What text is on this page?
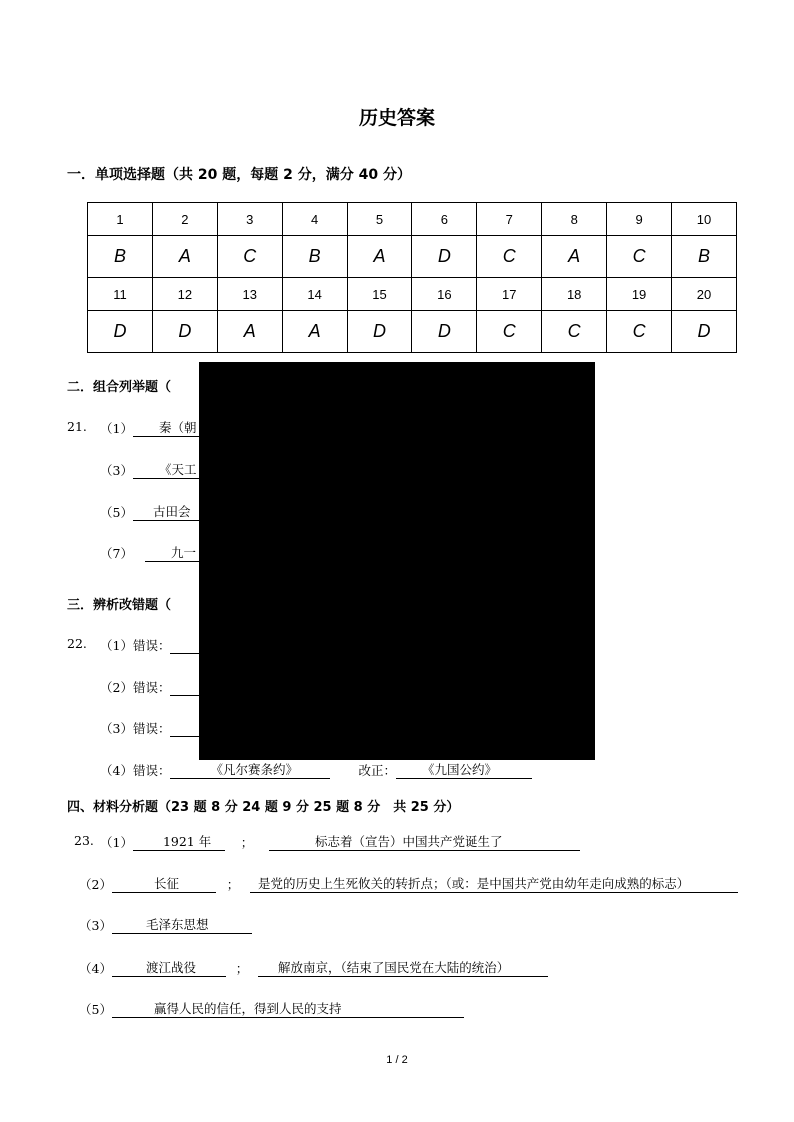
历史答案
一．单项选择题（共 20 题，每题 2 分，满分 40 分）
1	2	3	4	5	6	7	8	9	10
B	A	C	B	A	D	C	A	C	B
11	12	13	14	15	16	17	18	19	20
D	D	A	A	D	D	C	C	C	D
二．组合列举题（
21. （1） 秦（朝
（3） 《天工
（5） 古田会
（7）	九一
三．辨析改错题（
22. （1）错误：
（2）错误：
（3）错误：
（4）错误：	《凡尔赛条约》	改正： 《九国公约》
四、材料分析题（23 题 8 分 24 题 9 分 25 题 8 分　共 25 分）
23. （1） 1921 年 ；	标志着（宣告）中国共产党诞生了
（2）	长征	； 是党的历史上生死攸关的转折点；（或：是中国共产党由幼年走向成熟的标志）
（3）	毛泽东思想
（4）	渡江战役	； 解放南京，（结束了国民党在大陆的统治）
（5）	赢得人民的信任，得到人民的支持
1 / 2
